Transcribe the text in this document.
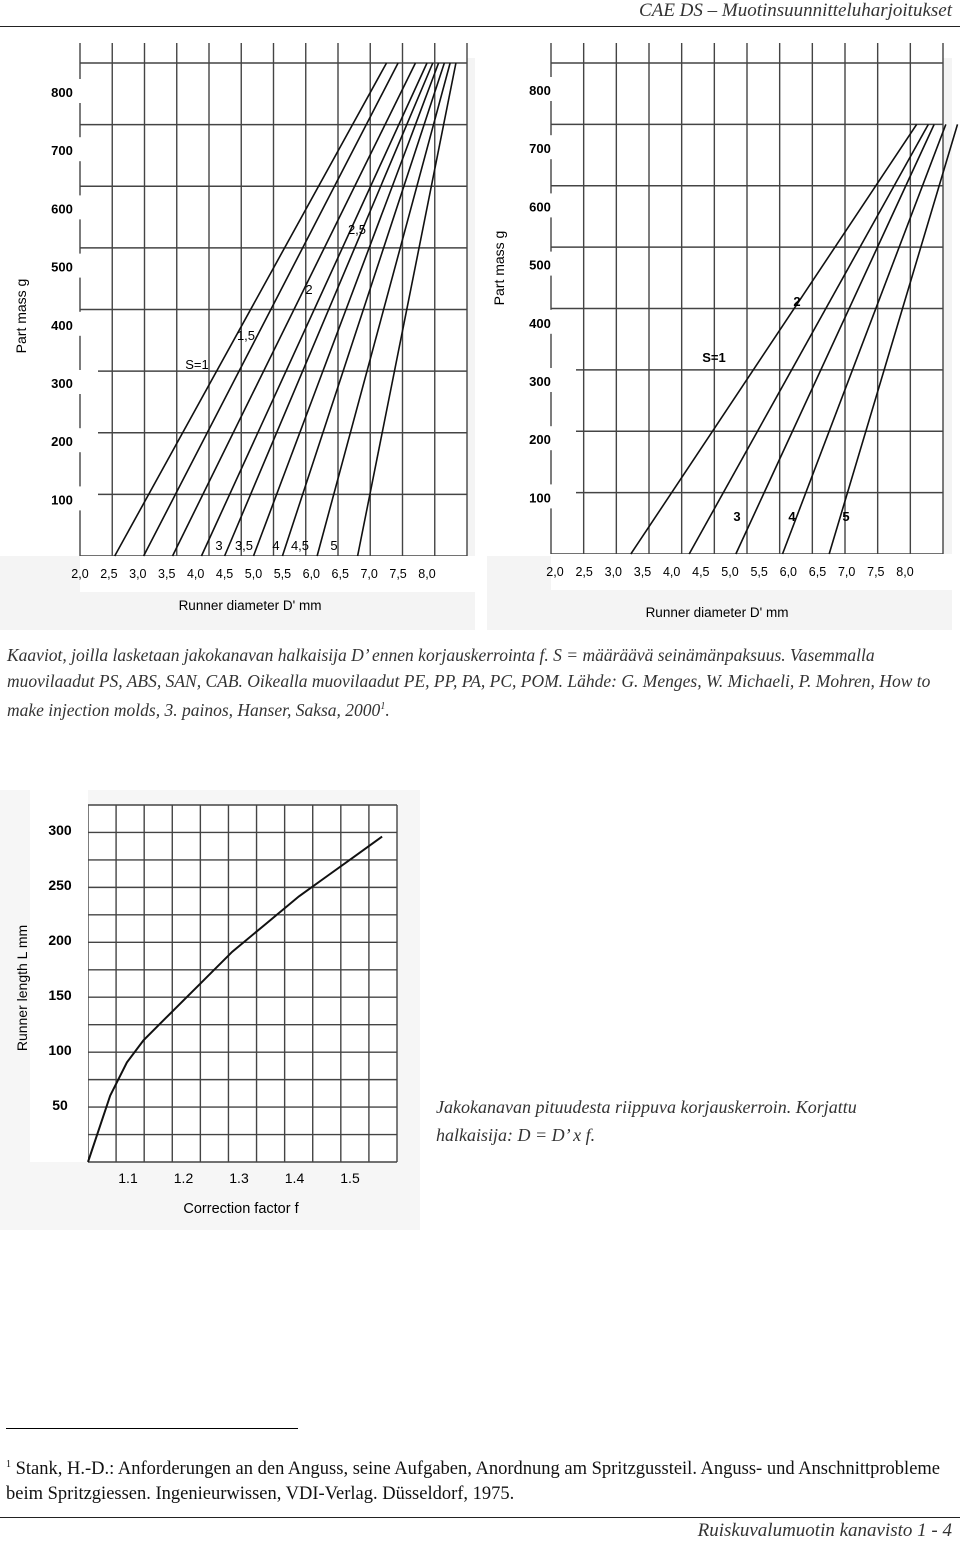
CAE DS – Muotinsuunnitteluharjoitukset
800
700
600
500
400
300
200
100
2,0 2,5 3,0 3,5 4,0 4,5 5,0 5,5 6,0 6,5 7,0 7,5 8,0
Part mass g
Runner diameter D' mm
S=1
1,5
2
2,5
3 3,5 4 4,5 5
800
700
600
500
400
300
200
100
2,0 2,5 3,0 3,5 4,0 4,5 5,0 5,5 6,0 6,5 7,0 7,5 8,0
Part mass g
Runner diameter D' mm
S=1
2
3	4	5
Kaaviot, joilla lasketaan jakokanavan halkaisija D’ ennen korjauskerrointa f. S = määräävä seinämänpaksuus. Vasemmalla muovilaadut PS, ABS, SAN, CAB. Oikealla muovilaadut PE, PP, PA, PC, POM. Lähde: G. Menges, W. Michaeli, P. Mohren, How to make injection molds, 3. painos, Hanser, Saksa, 2000$^1$.
300
250
200
150
100
50
1.1	1.2	1.3	1.4	1.5
Runner length L mm
Correction factor f
Jakokanavan pituudesta riippuva korjauskerroin. Korjattu halkaisija: D = D’ x f.
$^1$ Stank, H.-D.: Anforderungen an den Anguss, seine Aufgaben, Anordnung am Spritzgussteil. Anguss- und Anschnittprobleme beim Spritzgiessen. Ingenieurwissen, VDI-Verlag. Düsseldorf, 1975.
Ruiskuvalumuotin kanavisto 1 - 4
